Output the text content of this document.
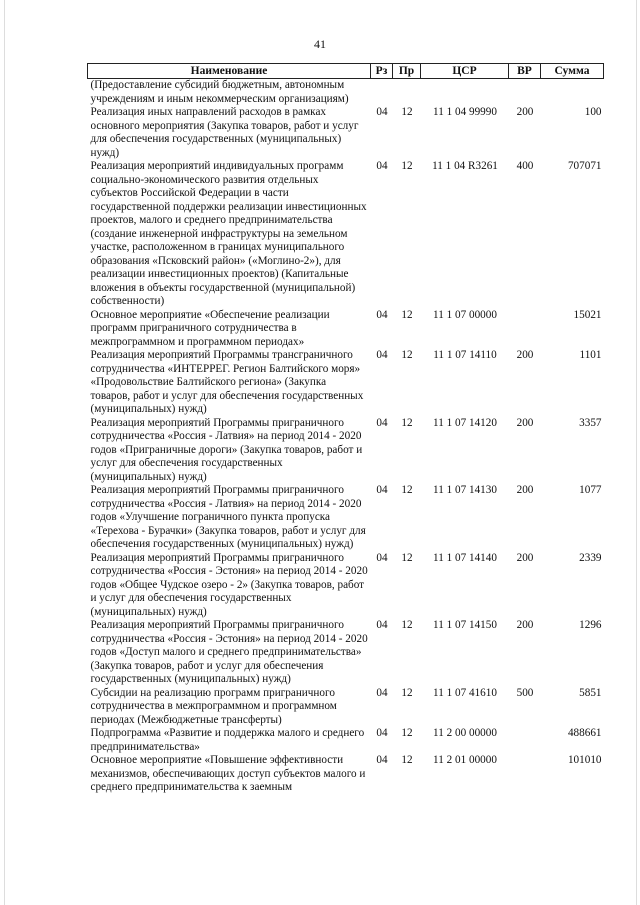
41
Наименование	Рз	Пр	ЦСР	ВР	Сумма
(Предоставление субсидий бюджетным, автономным учреждениям и иным некоммерческим организациям)					
Реализация иных направлений расходов в рамках основного мероприятия (Закупка товаров, работ и услуг для обеспечения государственных (муниципальных) нужд)	04	12	11 1 04 99990	200	100
Реализация мероприятий индивидуальных программ социально-экономического развития отдельных субъектов Российской Федерации в части государственной поддержки реализации инвестиционных проектов, малого и среднего предпринимательства (создание инженерной инфраструктуры на земельном участке, расположенном в границах муниципального образования «Псковский район» («Моглино-2»), для реализации инвестиционных проектов) (Капитальные вложения в объекты государственной (муниципальной) собственности)	04	12	11 1 04 R3261	400	707071
Основное мероприятие «Обеспечение реализации программ приграничного сотрудничества в межпрограммном и программном периодах»	04	12	11 1 07 00000		15021
Реализация мероприятий Программы трансграничного сотрудничества «ИНТЕРРЕГ. Регион Балтийского моря» «Продовольствие Балтийского региона» (Закупка товаров, работ и услуг для обеспечения государственных (муниципальных) нужд)	04	12	11 1 07 14110	200	1101
Реализация мероприятий Программы приграничного сотрудничества «Россия - Латвия» на период 2014 - 2020 годов «Приграничные дороги» (Закупка товаров, работ и услуг для обеспечения государственных (муниципальных) нужд)	04	12	11 1 07 14120	200	3357
Реализация мероприятий Программы приграничного сотрудничества «Россия - Латвия» на период 2014 - 2020 годов «Улучшение пограничного пункта пропуска «Терехова - Бурачки» (Закупка товаров, работ и услуг для обеспечения государственных (муниципальных) нужд)	04	12	11 1 07 14130	200	1077
Реализация мероприятий Программы приграничного сотрудничества «Россия - Эстония» на период 2014 - 2020 годов «Общее Чудское озеро - 2» (Закупка товаров, работ и услуг для обеспечения государственных (муниципальных) нужд)	04	12	11 1 07 14140	200	2339
Реализация мероприятий Программы приграничного сотрудничества «Россия - Эстония» на период 2014 - 2020 годов «Доступ малого и среднего предпринимательства» (Закупка товаров, работ и услуг для обеспечения государственных (муниципальных) нужд)	04	12	11 1 07 14150	200	1296
Субсидии на реализацию программ приграничного сотрудничества в межпрограммном и программном периодах (Межбюджетные трансферты)	04	12	11 1 07 41610	500	5851
Подпрограмма «Развитие и поддержка малого и среднего предпринимательства»	04	12	11 2 00 00000		488661
Основное мероприятие «Повышение эффективности механизмов, обеспечивающих доступ субъектов малого и среднего предпринимательства к заемным	04	12	11 2 01 00000		101010
